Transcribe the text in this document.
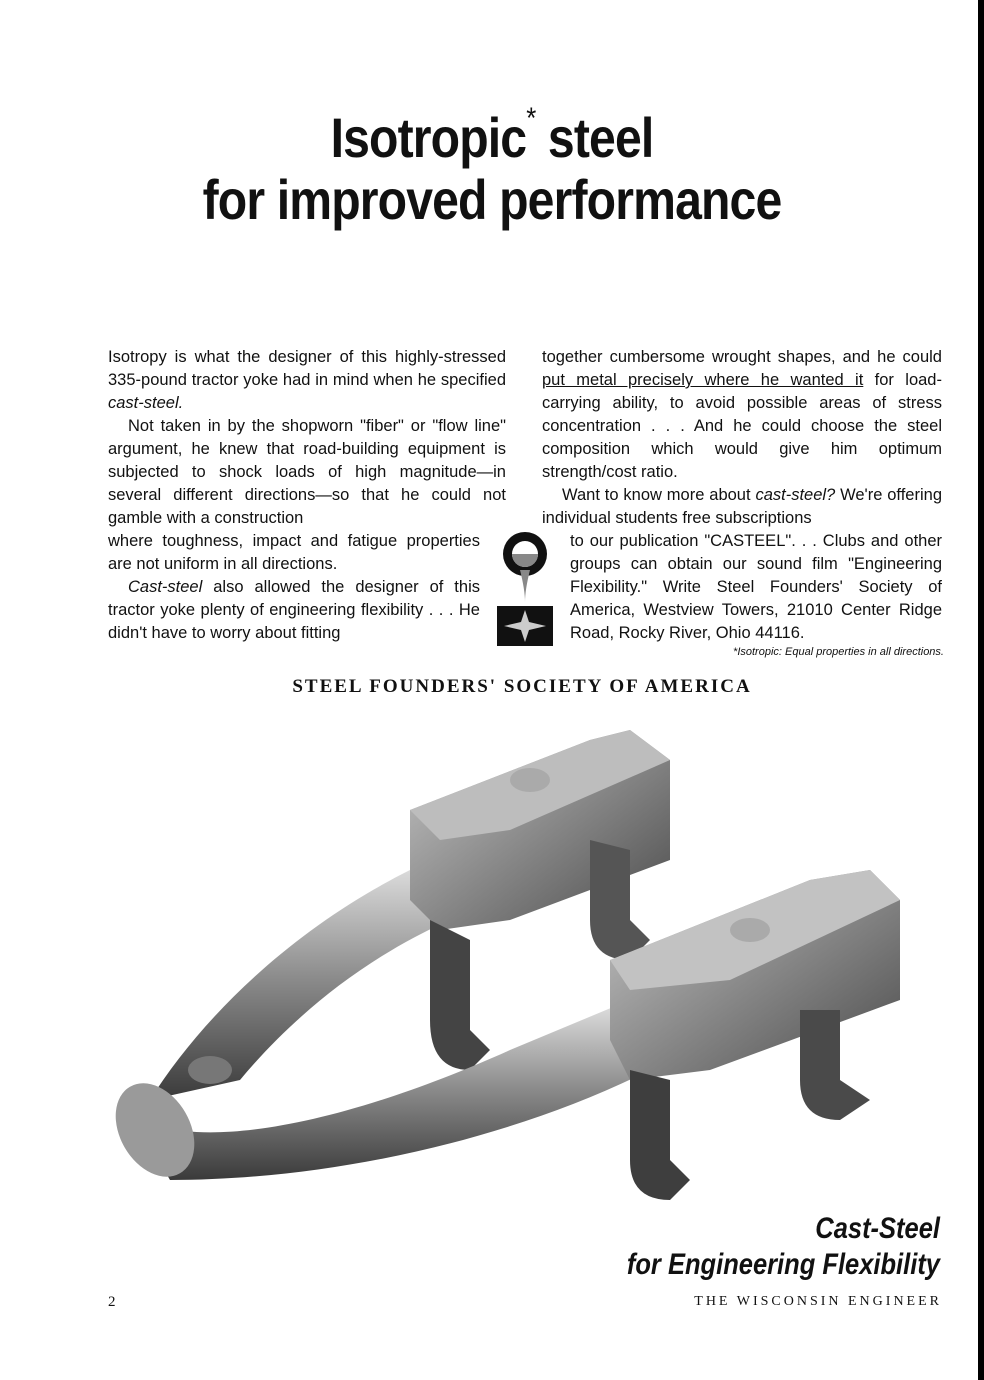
Isotropic* steel
for improved performance

Isotropy is what the designer of this highly-stressed 335-pound tractor yoke had in mind when he specified cast-steel.

Not taken in by the shopworn "fiber" or "flow line" argument, he knew that road-building equipment is subjected to shock loads of high magnitude—in several different directions—so that he could not gamble with a construction

where toughness, impact and fatigue properties are not uniform in all directions.

Cast-steel also allowed the designer of this tractor yoke plenty of engineering flexibility . . . He didn't have to worry about fitting

together cumbersome wrought shapes, and he could put metal precisely where he wanted it for load-carrying ability, to avoid possible areas of stress concentration . . . And he could choose the steel composition which would give him optimum strength/cost ratio.

Want to know more about cast-steel? We're offering individual students free subscriptions

to our publication "CASTEEL". . . Clubs and other groups can obtain our sound film "Engineering Flexibility." Write Steel Founders' Society of America, Westview Towers, 21010 Center Ridge Road, Rocky River, Ohio 44116.

*Isotropic: Equal properties in all directions.
STEEL FOUNDERS' SOCIETY OF AMERICA
Cast-Steel
for Engineering Flexibility
2	THE WISCONSIN ENGINEER
